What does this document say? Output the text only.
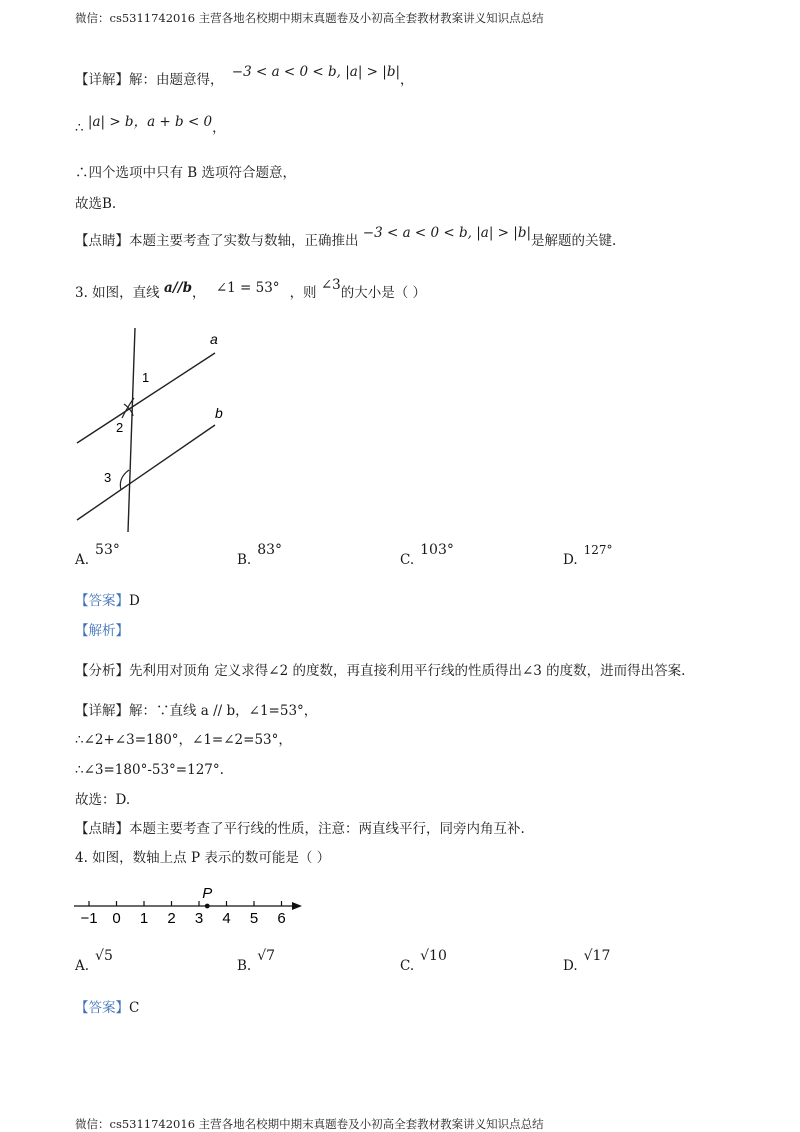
微信：cs5311742016 主营各地名校期中期末真题卷及小初高全套教材教案讲义知识点总结
【详解】解：由题意得， −3 < a < 0 < b, |a| > |b|，
∴ |a| > b，a + b < 0，
∴四个选项中只有 B 选项符合题意，
故选B.
【点睛】本题主要考查了实数与数轴，正确推出 −3 < a < 0 < b, |a| > |b|是解题的关键.
3. 如图，直线 a//b， ∠1 = 53° ，则 ∠3的大小是（ ）
a
b
1
2
3
A.53°
B.83°
C.103°
D.127°
【答案】D
【解析】
【分析】先利用对顶角 定义求得∠2 的度数，再直接利用平行线的性质得出∠3 的度数，进而得出答案.
【详解】解：∵直线 a // b，∠1=53°，
∴∠2+∠3=180°，∠1=∠2=53°，
∴∠3=180°-53°=127°.
故选：D.
【点睛】本题主要考查了平行线的性质，注意：两直线平行，同旁内角互补.
4. 如图，数轴上点 P 表示的数可能是（ ）
−1 0 1 2 3 4 5 6
P
A.√5
B.√7
C.√10
D.√17
【答案】C
微信：cs5311742016 主营各地名校期中期末真题卷及小初高全套教材教案讲义知识点总结
